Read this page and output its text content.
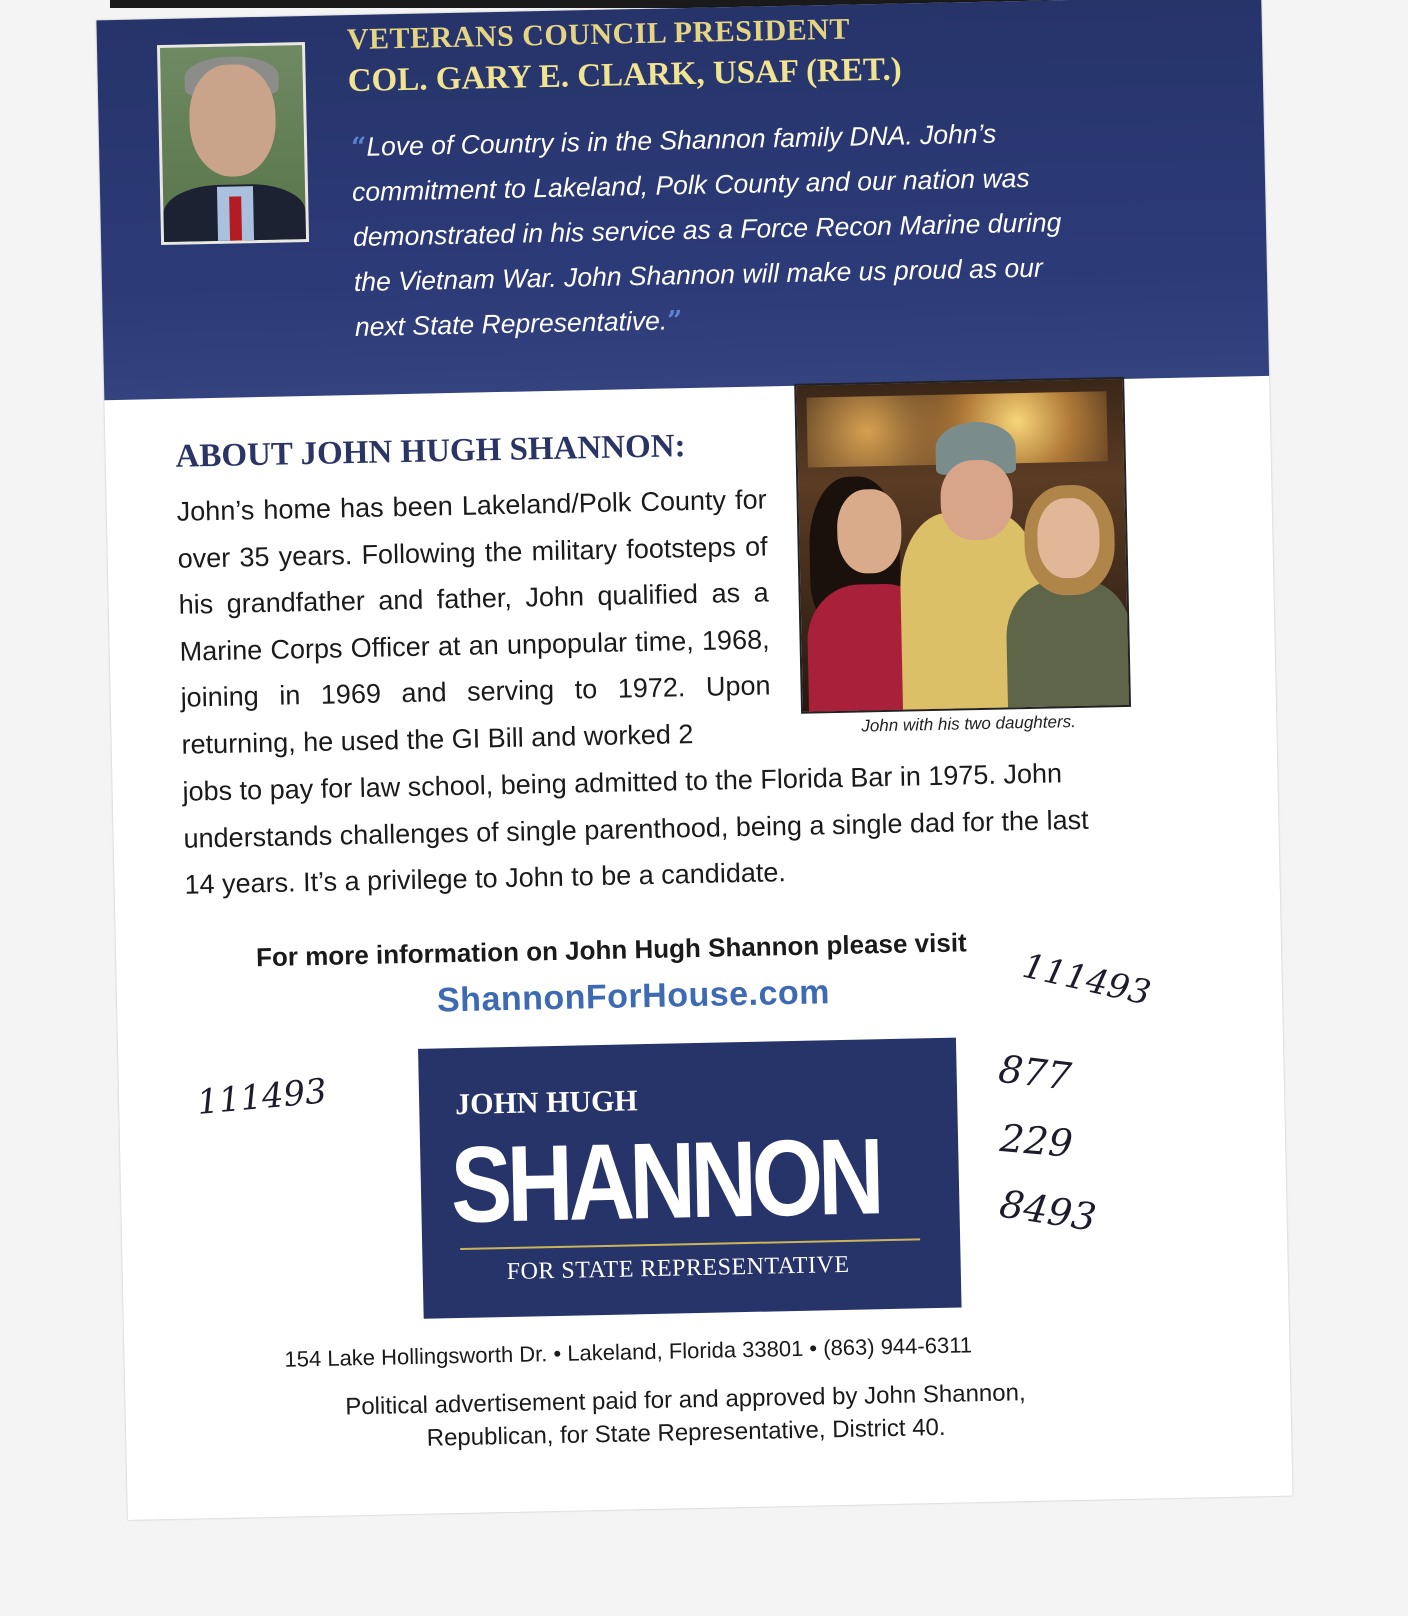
VETERANS COUNCIL PRESIDENT

COL. GARY E. CLARK, USAF (RET.)

“Love of Country is in the Shannon family DNA. John’s commitment to Lakeland, Polk County and our nation was demonstrated in his service as a Force Recon Marine during the Vietnam War. John Shannon will make us proud as our next State Representative.”

ABOUT JOHN HUGH SHANNON:

John’s home has been Lakeland/Polk County for over 35 years. Following the military footsteps of his grandfather and father, John qualified as a Marine Corps Officer at an unpopular time, 1968, joining in 1969 and serving to 1972. Upon returning, he used the GI Bill and worked 2

jobs to pay for law school, being admitted to the Florida Bar in 1975. John understands challenges of single parenthood, being a single dad for the last 14 years. It’s a privilege to John to be a candidate.

John with his two daughters.

For more information on John Hugh Shannon please visit

ShannonForHouse.com

JOHN HUGH

SHANNON

FOR STATE REPRESENTATIVE

154 Lake Hollingsworth Dr. • Lakeland, Florida 33801 • (863) 944-6311

Political advertisement paid for and approved by John Shannon, Republican, for State Representative, District 40.

111493

111493

877

229

8493
